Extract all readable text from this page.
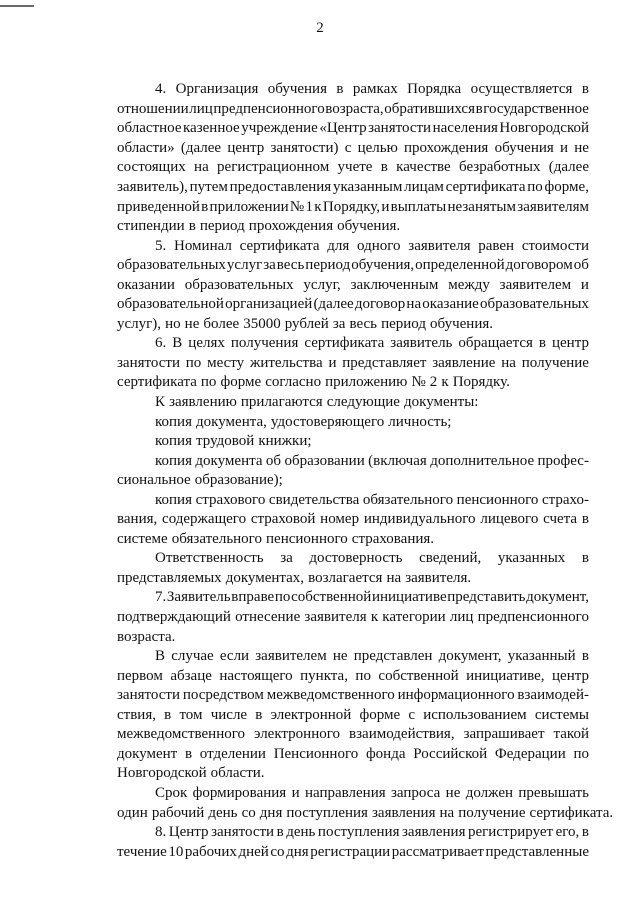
2
4. Организация обучения в рамках Порядка осуществляется в
отношении лиц предпенсионного возраста, обратившихся в государственное
областное казенное учреждение «Центр занятости населения Новгородской
области» (далее центр занятости) с целью прохождения обучения и не
состоящих на регистрационном учете в качестве безработных (далее
заявитель), путем предоставления указанным лицам сертификата по форме,
приведенной в приложении № 1 к Порядку, и выплаты незанятым заявителям
стипендии в период прохождения обучения.
5. Номинал сертификата для одного заявителя равен стоимости
образовательных услуг за весь период обучения, определенной договором об
оказании образовательных услуг, заключенным между заявителем и
образовательной организацией (далее договор на оказание образовательных
услуг), но не более 35000 рублей за весь период обучения.
6. В целях получения сертификата заявитель обращается в центр
занятости по месту жительства и представляет заявление на получение
сертификата по форме согласно приложению № 2 к Порядку.
К заявлению прилагаются следующие документы:
копия документа, удостоверяющего личность;
копия трудовой книжки;
копия документа об образовании (включая дополнительное профес-
сиональное образование);
копия страхового свидетельства обязательного пенсионного страхо-
вания, содержащего страховой номер индивидуального лицевого счета в
системе обязательного пенсионного страхования.
Ответственность за достоверность сведений, указанных в
представляемых документах, возлагается на заявителя.
7. Заявитель вправе по собственной инициативе представить документ,
подтверждающий отнесение заявителя к категории лиц предпенсионного
возраста.
В случае если заявителем не представлен документ, указанный в
первом абзаце настоящего пункта, по собственной инициативе, центр
занятости посредством межведомственного информационного взаимодей-
ствия, в том числе в электронной форме с использованием системы
межведомственного электронного взаимодействия, запрашивает такой
документ в отделении Пенсионного фонда Российской Федерации по
Новгородской области.
Срок формирования и направления запроса не должен превышать
один рабочий день со дня поступления заявления на получение сертификата.
8. Центр занятости в день поступления заявления регистрирует его, в
течение 10 рабочих дней со дня регистрации рассматривает представленные
